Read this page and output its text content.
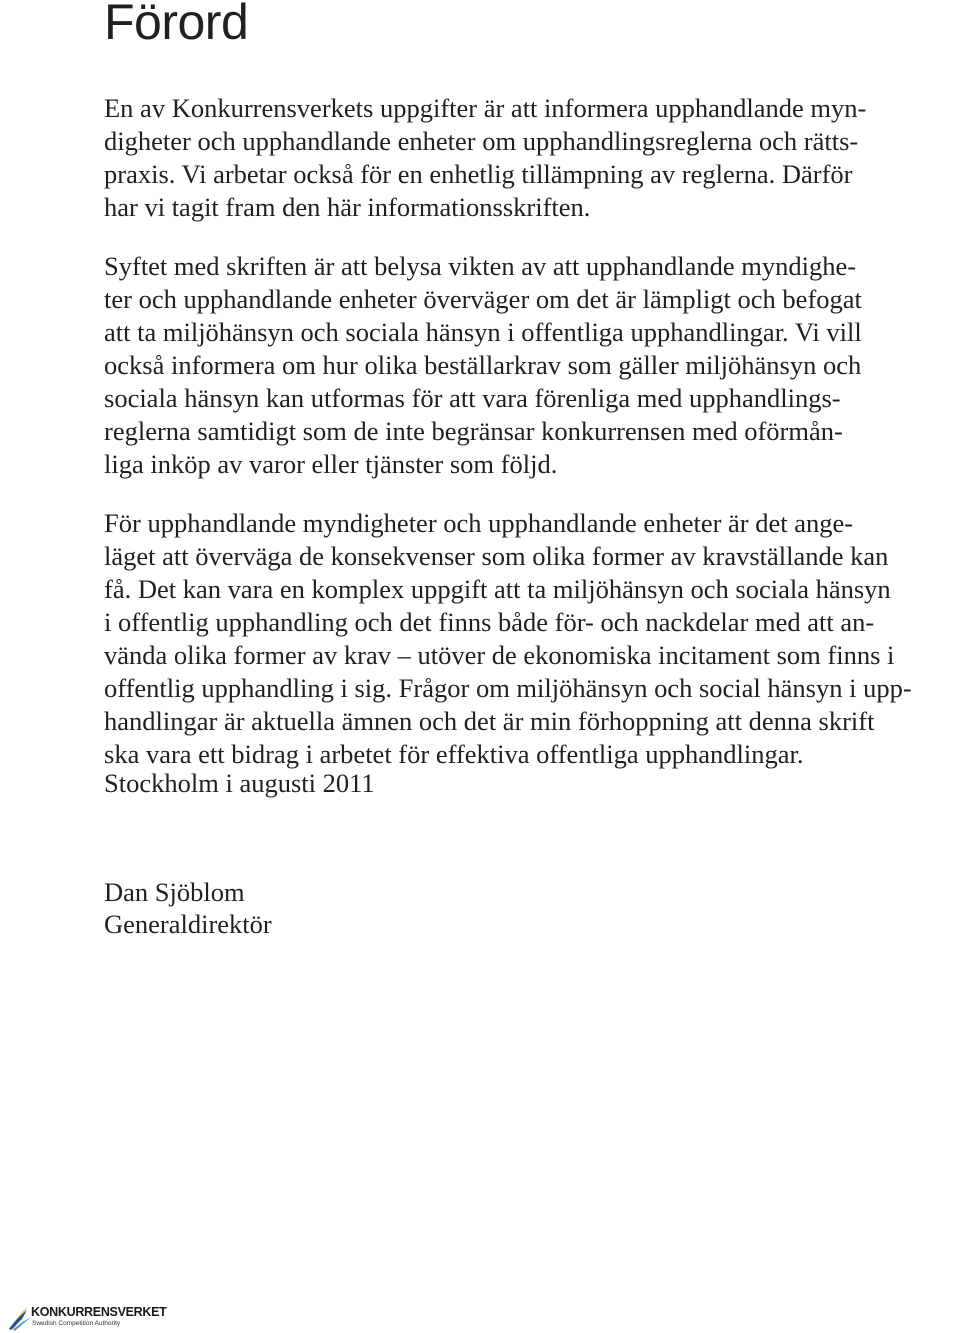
Förord

En av Konkurrensverkets uppgifter är att informera upphandlande myn-
digheter och upphandlande enheter om upphandlingsreglerna och rätts-
praxis. Vi arbetar också för en enhetlig tillämpning av reglerna. Därför
har vi tagit fram den här informationsskriften.

Syftet med skriften är att belysa vikten av att upphandlande myndighe-
ter och upphandlande enheter överväger om det är lämpligt och befogat
att ta miljöhänsyn och sociala hänsyn i offentliga upphandlingar. Vi vill
också informera om hur olika beställarkrav som gäller miljöhänsyn och
sociala hänsyn kan utformas för att vara förenliga med upphandlings-
reglerna samtidigt som de inte begränsar konkurrensen med oförmån-
liga inköp av varor eller tjänster som följd.

För upphandlande myndigheter och upphandlande enheter är det ange-
läget att överväga de konsekvenser som olika former av kravställande kan
få. Det kan vara en komplex uppgift att ta miljöhänsyn och sociala hänsyn
i offentlig upphandling och det finns både för- och nackdelar med att an-
vända olika former av krav – utöver de ekonomiska incitament som finns i
offentlig upphandling i sig. Frågor om miljöhänsyn och social hänsyn i upp-
handlingar är aktuella ämnen och det är min förhoppning att denna skrift
ska vara ett bidrag i arbetet för effektiva offentliga upphandlingar.

Stockholm i augusti 2011

Dan Sjöblom

Generaldirektör

KONKURRENSVERKET
Swedish Competition Authority
